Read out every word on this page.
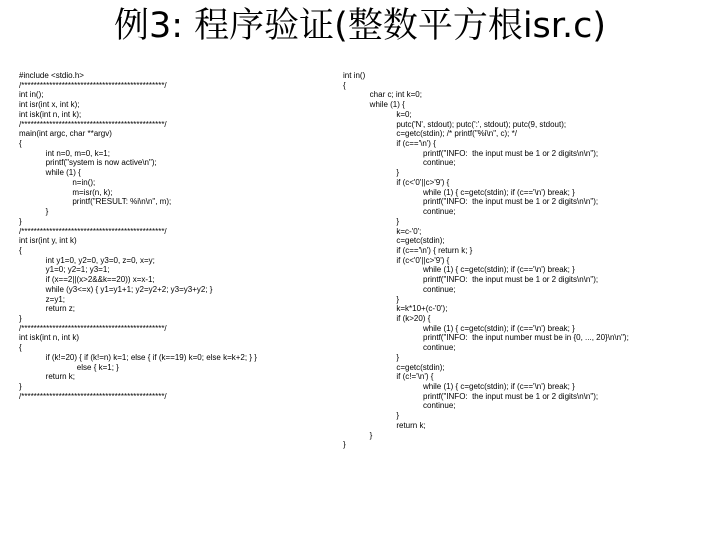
例3: 程序验证(整数平方根isr.c)
#include <stdio.h>
/**********************************************/
int in();
int isr(int x, int k);
int isk(int n, int k);
/**********************************************/
main(int argc, char **argv)
{
int n=0, m=0, k=1;
printf("system is now active\n");
while (1) {
n=in();
m=isr(n, k);
printf("RESULT: %i\n\n", m);
}
}
/**********************************************/
int isr(int y, int k)
{
int y1=0, y2=0, y3=0, z=0, x=y;
y1=0; y2=1; y3=1;
if (x==2||(x>2&&k==20)) x=x-1;
while (y3<=x) { y1=y1+1; y2=y2+2; y3=y3+y2; }
z=y1;
return z;
}
/**********************************************/
int isk(int n, int k)
{
if (k!=20) { if (k!=n) k=1; else { if (k==19) k=0; else k=k+2; } }
else { k=1; }
return k;
}
/**********************************************/
int in()
{
char c; int k=0;
while (1) {
k=0;
putc('N', stdout); putc(':', stdout); putc(9, stdout);
c=getc(stdin); /* printf("%i\n", c); */
if (c=='\n') {
printf("INFO:  the input must be 1 or 2 digits\n\n");
continue;
}
if (c<'0'||c>'9') {
while (1) { c=getc(stdin); if (c=='\n') break; }
printf("INFO:  the input must be 1 or 2 digits\n\n");
continue;
}
k=c-'0';
c=getc(stdin);
if (c=='\n') { return k; }
if (c<'0'||c>'9') {
while (1) { c=getc(stdin); if (c=='\n') break; }
printf("INFO:  the input must be 1 or 2 digits\n\n");
continue;
}
k=k*10+(c-'0');
if (k>20) {
while (1) { c=getc(stdin); if (c=='\n') break; }
printf("INFO:  the input number must be in {0, ..., 20}\n\n");
continue;
}
c=getc(stdin);
if (c!='\n') {
while (1) { c=getc(stdin); if (c=='\n') break; }
printf("INFO:  the input must be 1 or 2 digits\n\n");
continue;
}
return k;
}
}
